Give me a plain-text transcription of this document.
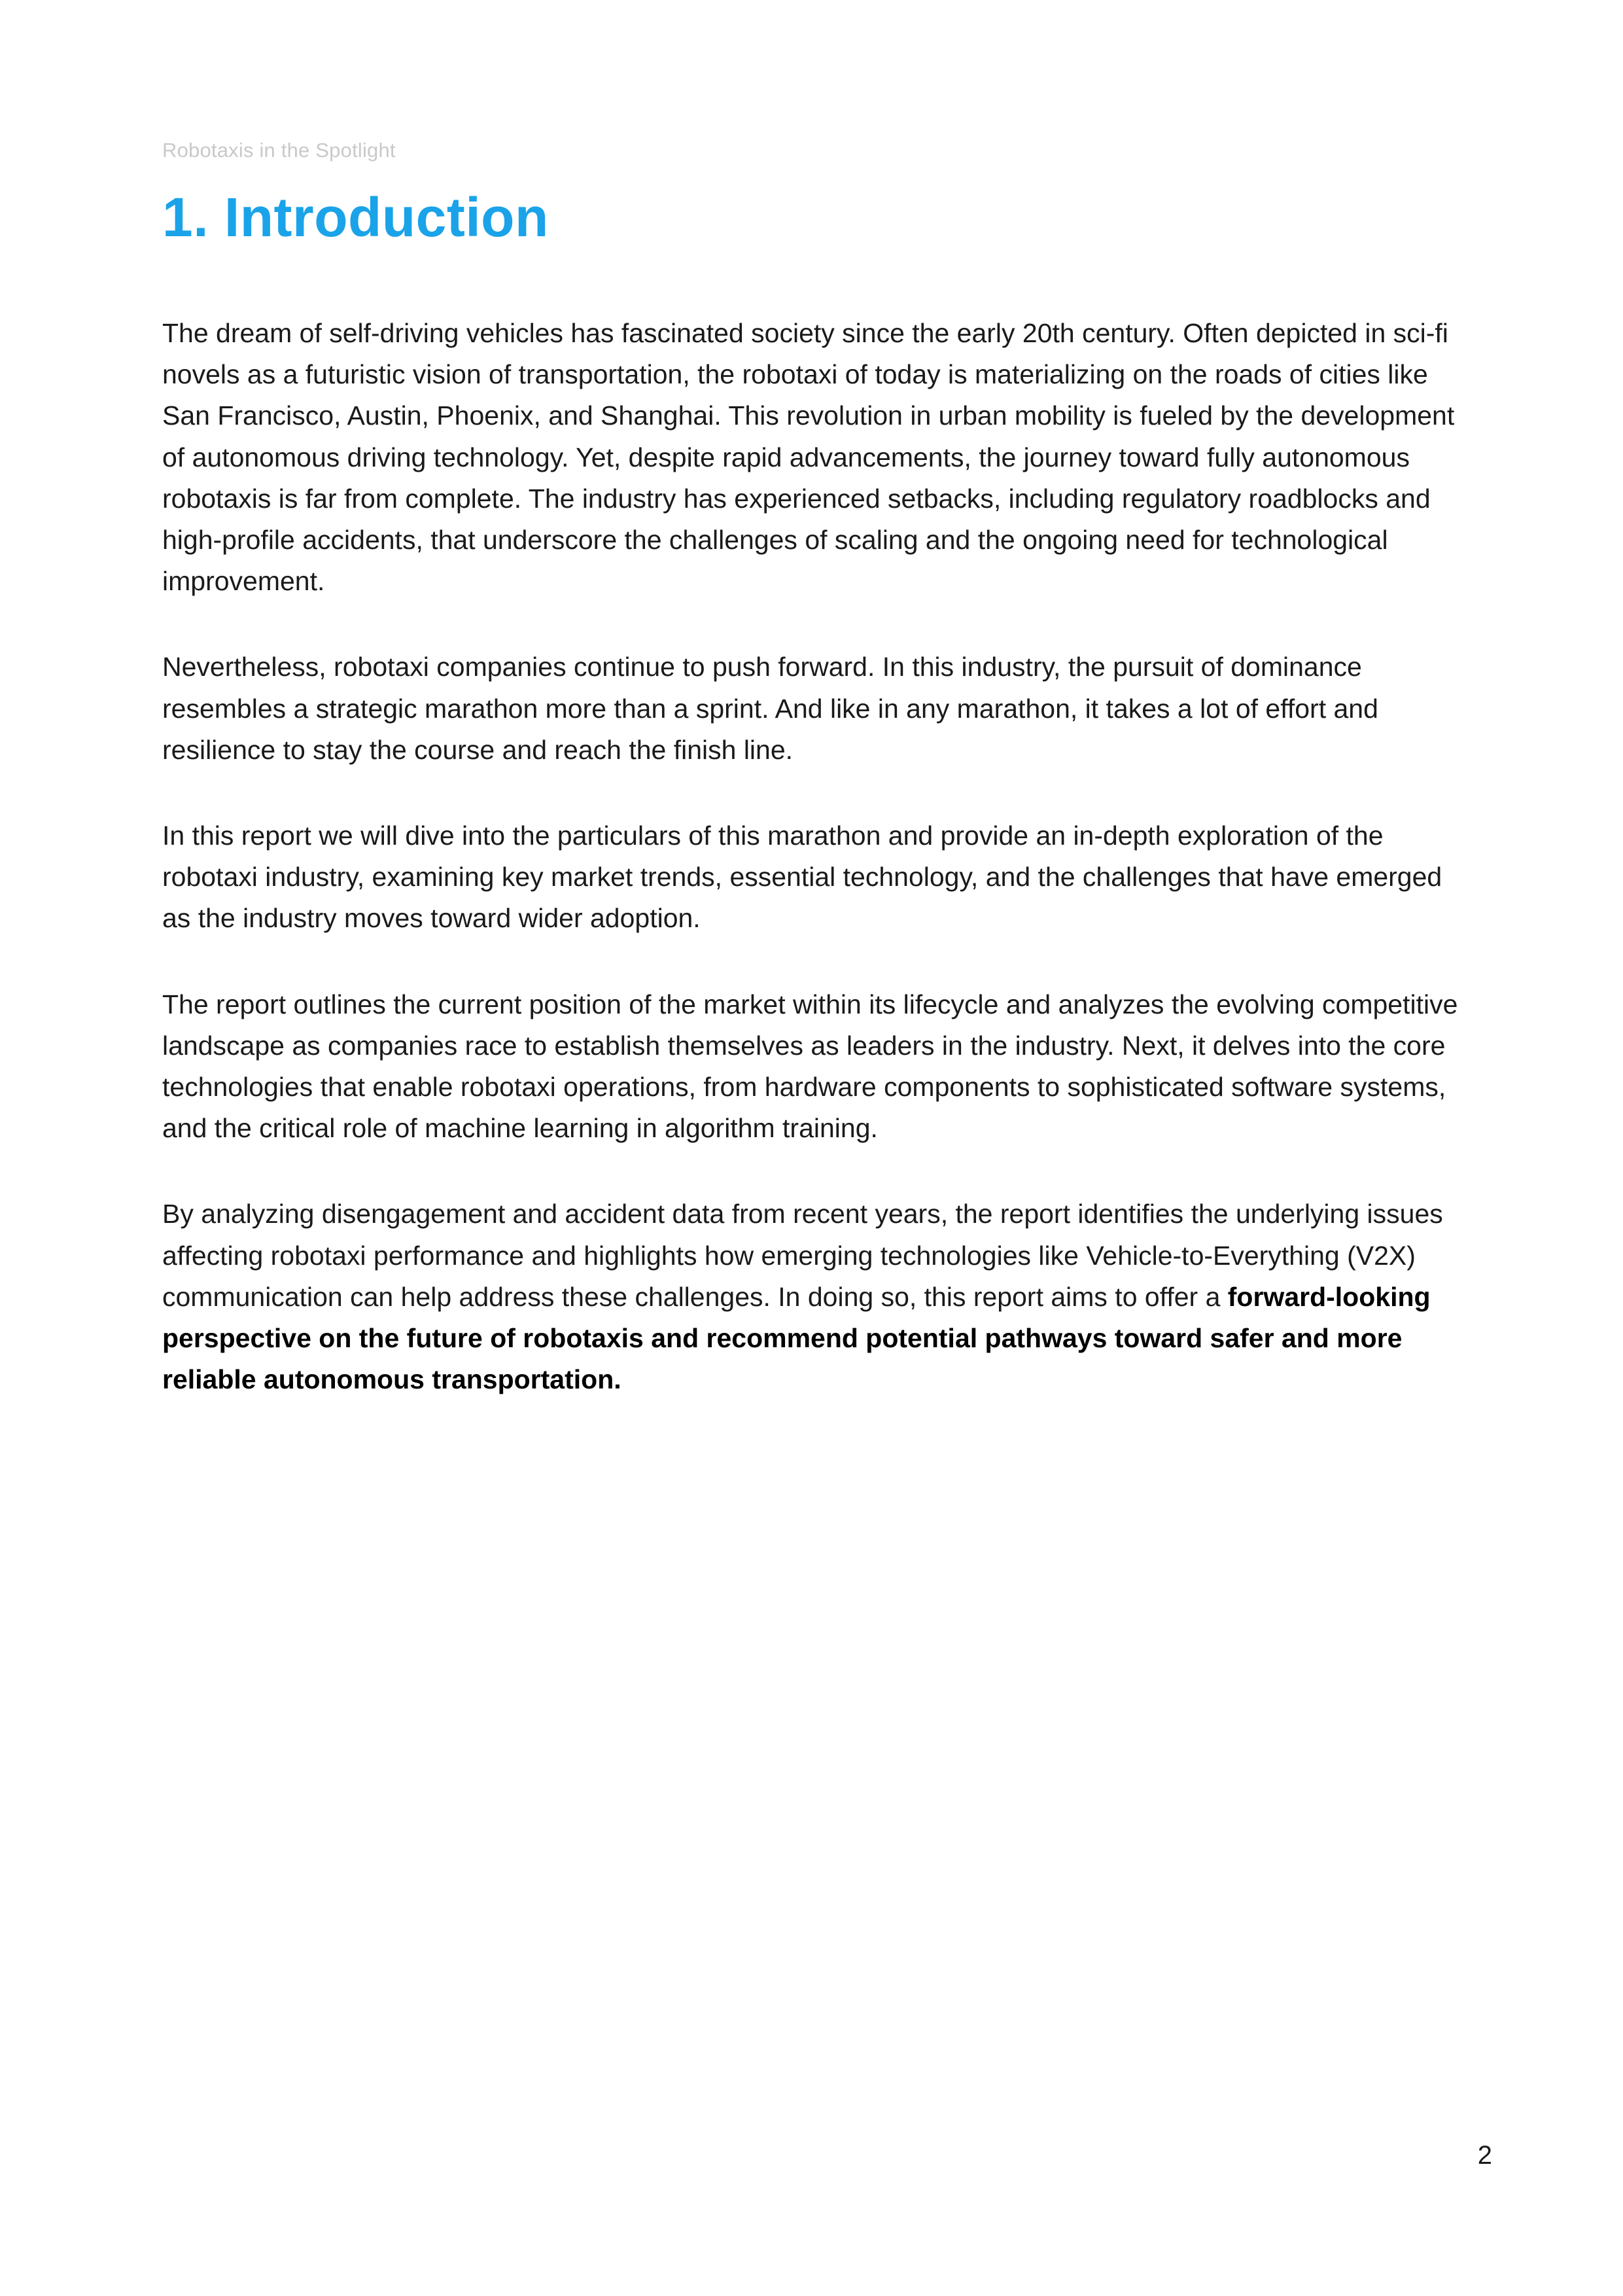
Robotaxis in the Spotlight
1. Introduction

The dream of self-driving vehicles has fascinated society since the early 20th century. Often depicted in sci-fi novels as a futuristic vision of transportation, the robotaxi of today is materializing on the roads of cities like San Francisco, Austin, Phoenix, and Shanghai. This revolution in urban mobility is fueled by the development of autonomous driving technology. Yet, despite rapid advancements, the journey toward fully autonomous robotaxis is far from complete. The industry has experienced setbacks, including regulatory roadblocks and high-profile accidents, that underscore the challenges of scaling and the ongoing need for technological improvement.

Nevertheless, robotaxi companies continue to push forward. In this industry, the pursuit of dominance resembles a strategic marathon more than a sprint. And like in any marathon, it takes a lot of effort and resilience to stay the course and reach the finish line.

In this report we will dive into the particulars of this marathon and provide an in-depth exploration of the robotaxi industry, examining key market trends, essential technology, and the challenges that have emerged as the industry moves toward wider adoption.

The report outlines the current position of the market within its lifecycle and analyzes the evolving competitive landscape as companies race to establish themselves as leaders in the industry. Next, it delves into the core technologies that enable robotaxi operations, from hardware components to sophisticated software systems, and the critical role of machine learning in algorithm training.

By analyzing disengagement and accident data from recent years, the report identifies the underlying issues affecting robotaxi performance and highlights how emerging technologies like Vehicle-to-Everything (V2X) communication can help address these challenges. In doing so, this report aims to offer a forward-looking perspective on the future of robotaxis and recommend potential pathways toward safer and more reliable autonomous transportation.

2
